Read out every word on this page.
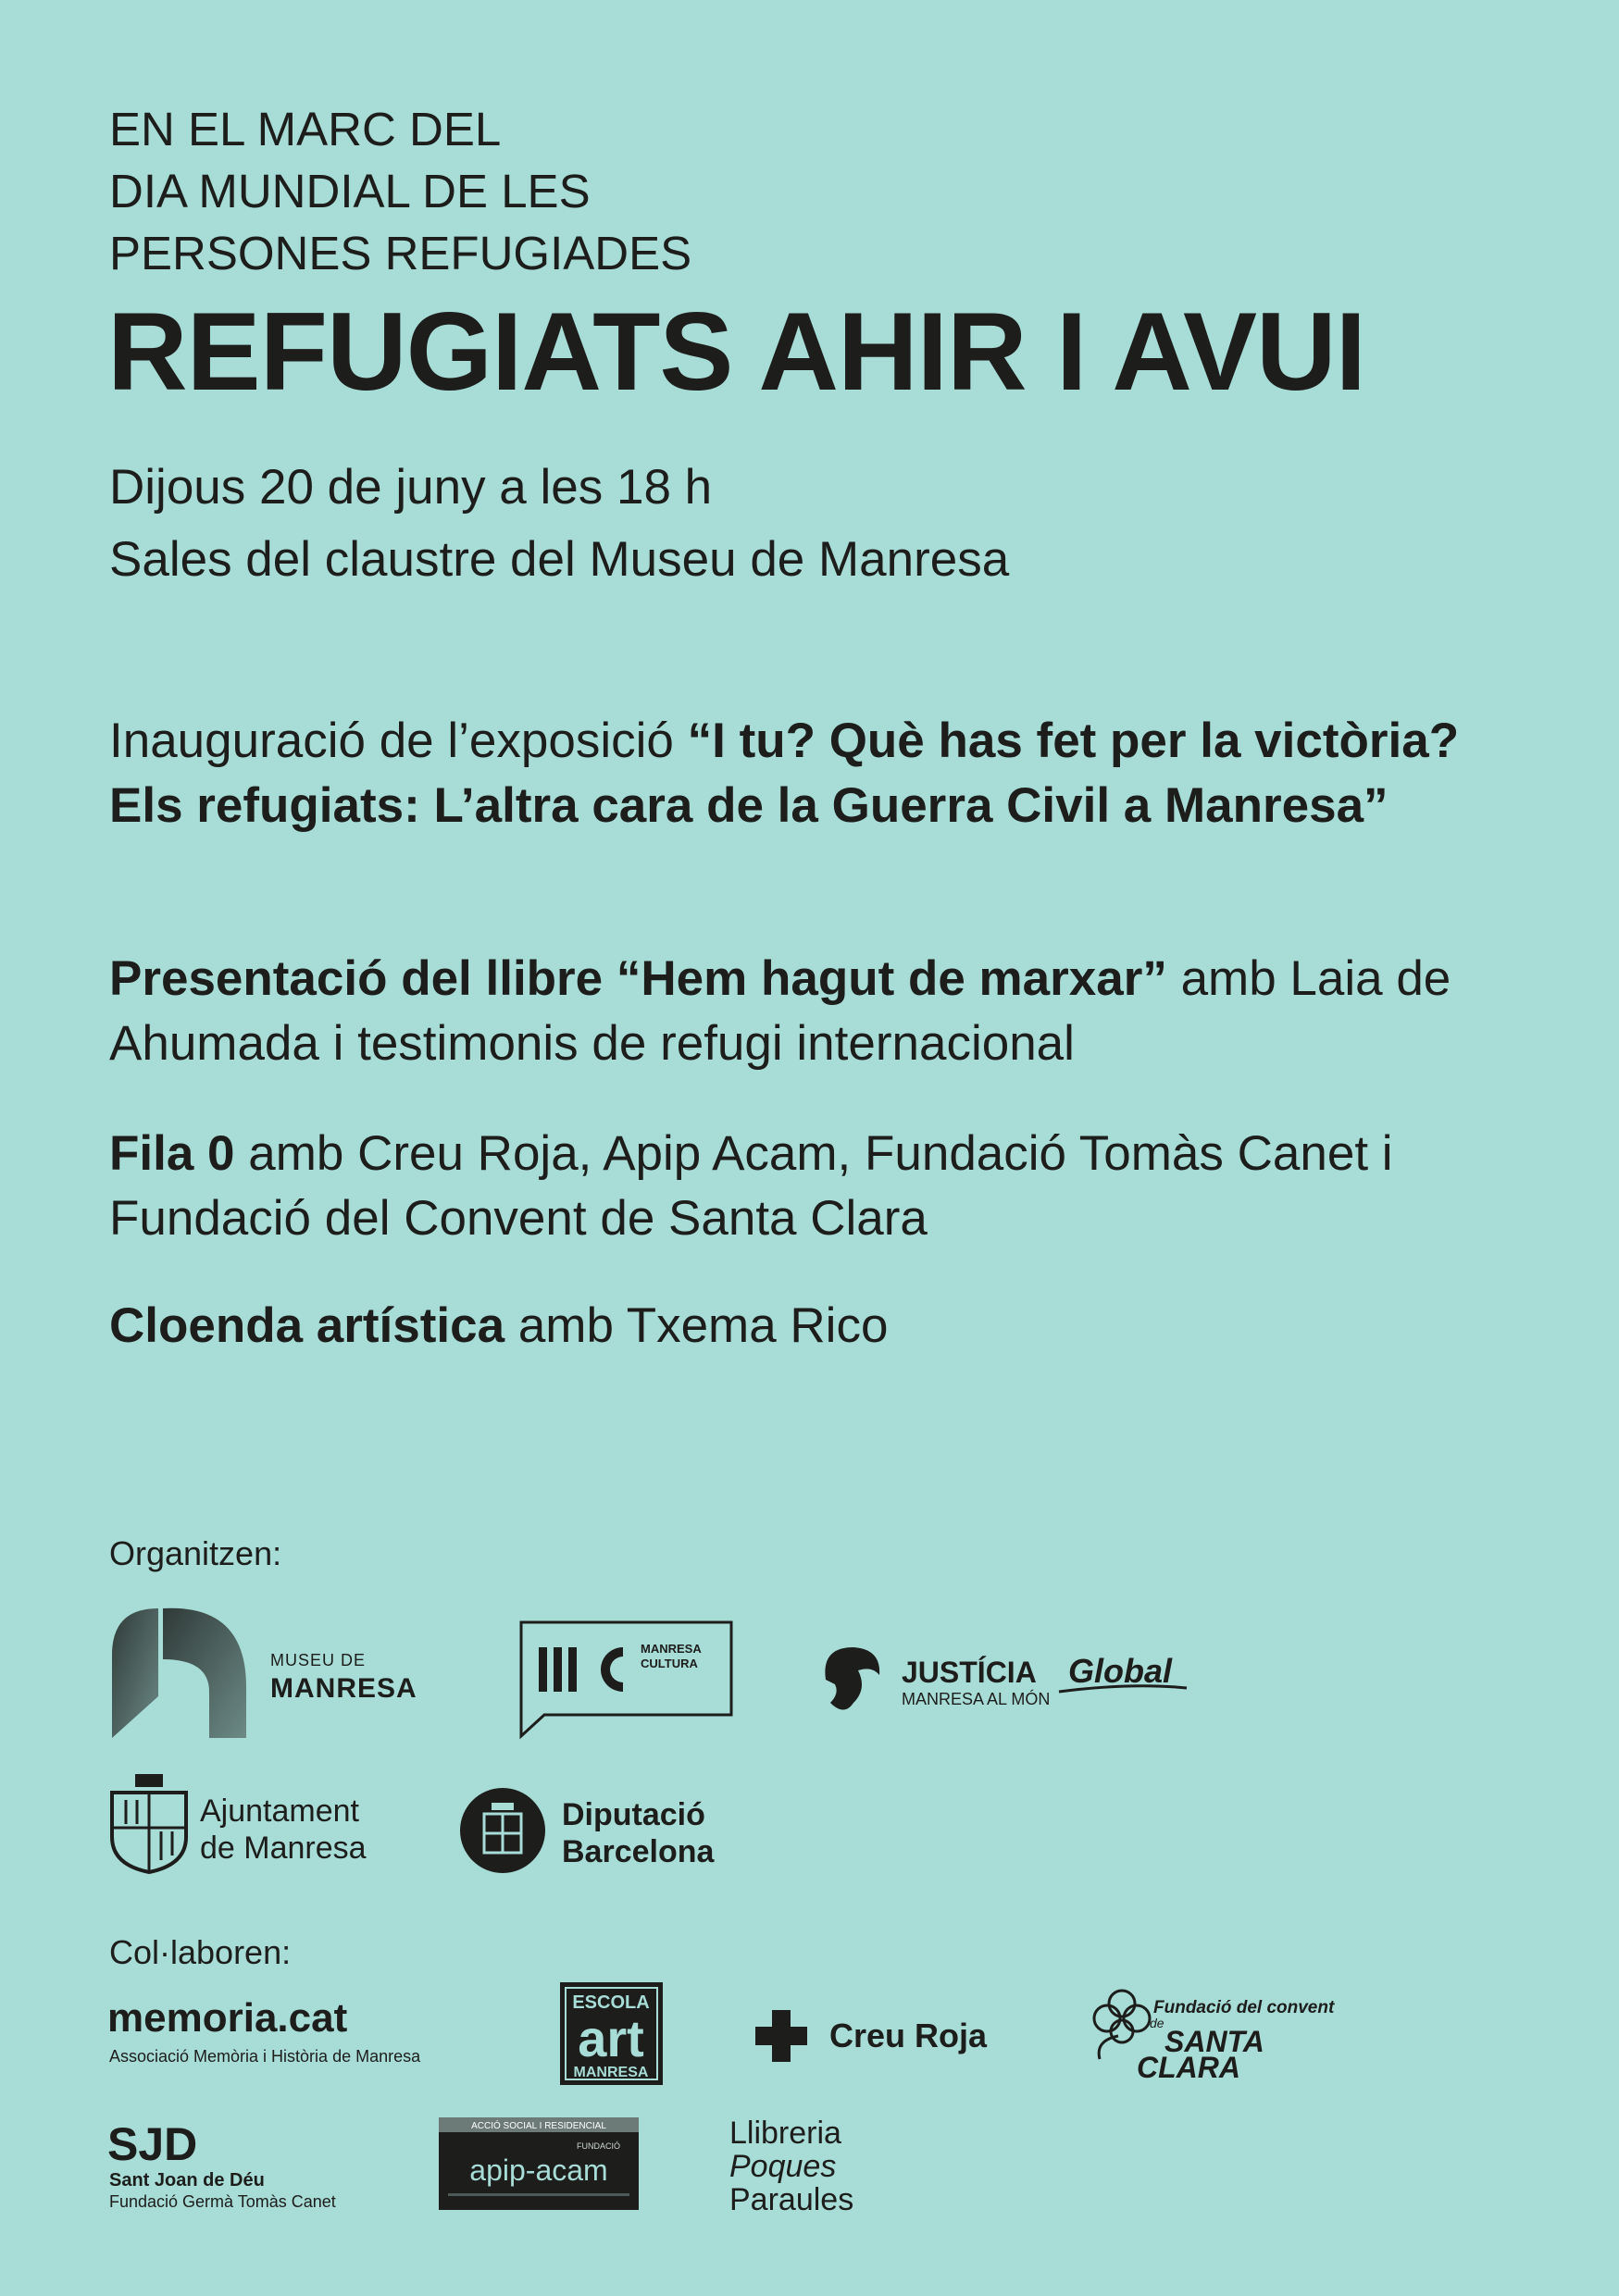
EN EL MARC DEL
DIA MUNDIAL DE LES
PERSONES REFUGIADES
REFUGIATS AHIR I AVUI

Dijous 20 de juny a les 18 h
Sales del claustre del Museu de Manresa

Inauguració de l’exposició “I tu? Què has fet per la victòria? Els refugiats: L’altra cara de la Guerra Civil a Manresa”

Presentació del llibre “Hem hagut de marxar” amb Laia de Ahumada i testimonis de refugi internacional

Fila 0 amb Creu Roja, Apip Acam, Fundació Tomàs Canet i Fundació del Convent de Santa Clara

Cloenda artística amb Txema Rico

Organitzen:
MUSEU DE
MANRESA
MANRESA
CULTURA	JUSTÍCIA Global
MANRESA AL MÓN
Ajuntament
de Manresa
Diputació
Barcelona
Col·laboren:
memoria.cat
Associació Memòria i Història de Manresa
ESCOLA
art
MANRESA
Creu Roja
Fundació del convent
de
SANTA
CLARA
SJD
Sant Joan de Déu
Fundació Germà Tomàs Canet
ACCIÓ SOCIAL I RESIDENCIAL
FUNDACIÓ
apip-acam
Llibreria
Poques
Paraules
